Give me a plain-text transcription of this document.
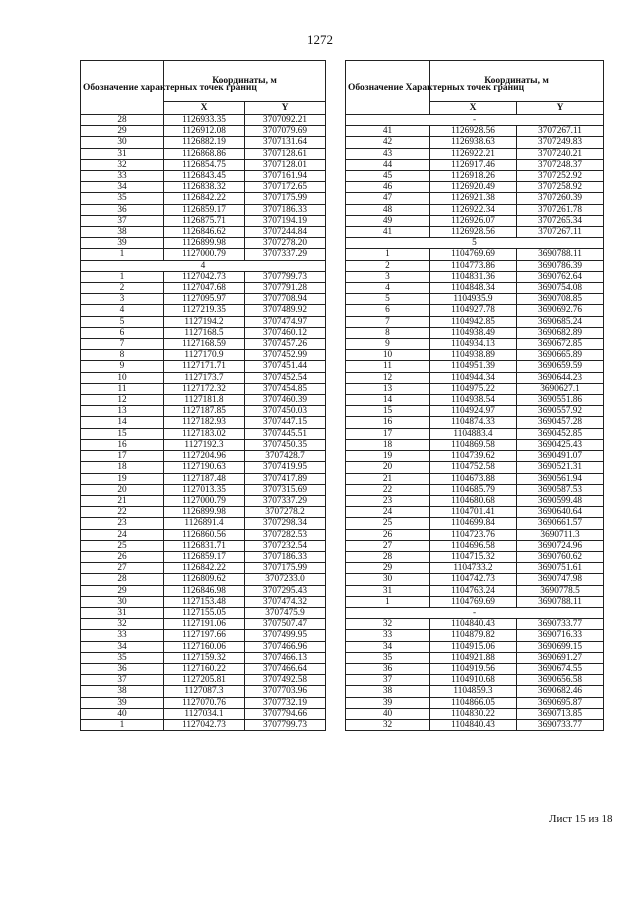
1272
Обозначение характерных точек границ	Координаты, м	
	X	Y
28	1126933.35	3707092.21
29	1126912.08	3707079.69
30	1126882.19	3707131.64
31	1126868.86	3707128.61
32	1126854.75	3707128.01
33	1126843.45	3707161.94
34	1126838.32	3707172.65
35	1126842.22	3707175.99
36	1126859.17	3707186.33
37	1126875.71	3707194.19
38	1126846.62	3707244.84
39	1126899.98	3707278.20
1	1127000.79	3707337.29
4		
1	1127042.73	3707799.73
2	1127047.68	3707791.28
3	1127095.97	3707708.94
4	1127219.35	3707489.92
5	1127194.2	3707474.97
6	1127168.5	3707460.12
7	1127168.59	3707457.26
8	1127170.9	3707452.99
9	1127171.71	3707451.44
10	1127173.7	3707452.54
11	1127172.32	3707454.85
12	1127181.8	3707460.39
13	1127187.85	3707450.03
14	1127182.93	3707447.15
15	1127183.02	3707445.51
16	1127192.3	3707450.35
17	1127204.96	3707428.7
18	1127190.63	3707419.95
19	1127187.48	3707417.89
20	1127013.35	3707315.69
21	1127000.79	3707337.29
22	1126899.98	3707278.2
23	1126891.4	3707298.34
24	1126860.56	3707282.53
25	1126831.71	3707232.54
26	1126859.17	3707186.33
27	1126842.22	3707175.99
28	1126809.62	3707233.0
29	1126846.98	3707295.43
30	1127153.48	3707474.32
31	1127155.05	3707475.9
32	1127191.06	3707507.47
33	1127197.66	3707499.95
34	1127160.06	3707466.96
35	1127159.32	3707466.13
36	1127160.22	3707466.64
37	1127205.81	3707492.58
38	1127087.3	3707703.96
39	1127070.76	3707732.19
40	1127034.1	3707794.66
1	1127042.73	3707799.73
Обозначение Характерных точек границ	Координаты, м	
	X	Y
-		
41	1126928.56	3707267.11
42	1126938.63	3707249.83
43	1126922.21	3707240.21
44	1126917.46	3707248.37
45	1126918.26	3707252.92
46	1126920.49	3707258.92
47	1126921.38	3707260.39
48	1126922.34	3707261.78
49	1126926.07	3707265.34
41	1126928.56	3707267.11
5		
1	1104769.69	3690788.11
2	1104773.86	3690786.39
3	1104831.36	3690762.64
4	1104848.34	3690754.08
5	1104935.9	3690708.85
6	1104927.78	3690692.76
7	1104942.85	3690685.24
8	1104938.49	3690682.89
9	1104934.13	3690672.85
10	1104938.89	3690665.89
11	1104951.39	3690659.59
12	1104944.34	3690644.23
13	1104975.22	3690627.1
14	1104938.54	3690551.86
15	1104924.97	3690557.92
16	1104874.33	3690457.28
17	1104883.4	3690452.85
18	1104869.58	3690425.43
19	1104739.62	3690491.07
20	1104752.58	3690521.31
21	1104673.88	3690561.94
22	1104685.79	3690587.53
23	1104680.68	3690599.48
24	1104701.41	3690640.64
25	1104699.84	3690661.57
26	1104723.76	3690711.3
27	1104696.58	3690724.96
28	1104715.32	3690760.62
29	1104733.2	3690751.61
30	1104742.73	3690747.98
31	1104763.24	3690778.5
1	1104769.69	3690788.11
-		
32	1104840.43	3690733.77
33	1104879.82	3690716.33
34	1104915.06	3690699.15
35	1104921.88	3690691.27
36	1104919.56	3690674.55
37	1104910.68	3690656.58
38	1104859.3	3690682.46
39	1104866.05	3690695.87
40	1104830.22	3690713.85
32	1104840.43	3690733.77
Лист 15 из 18
